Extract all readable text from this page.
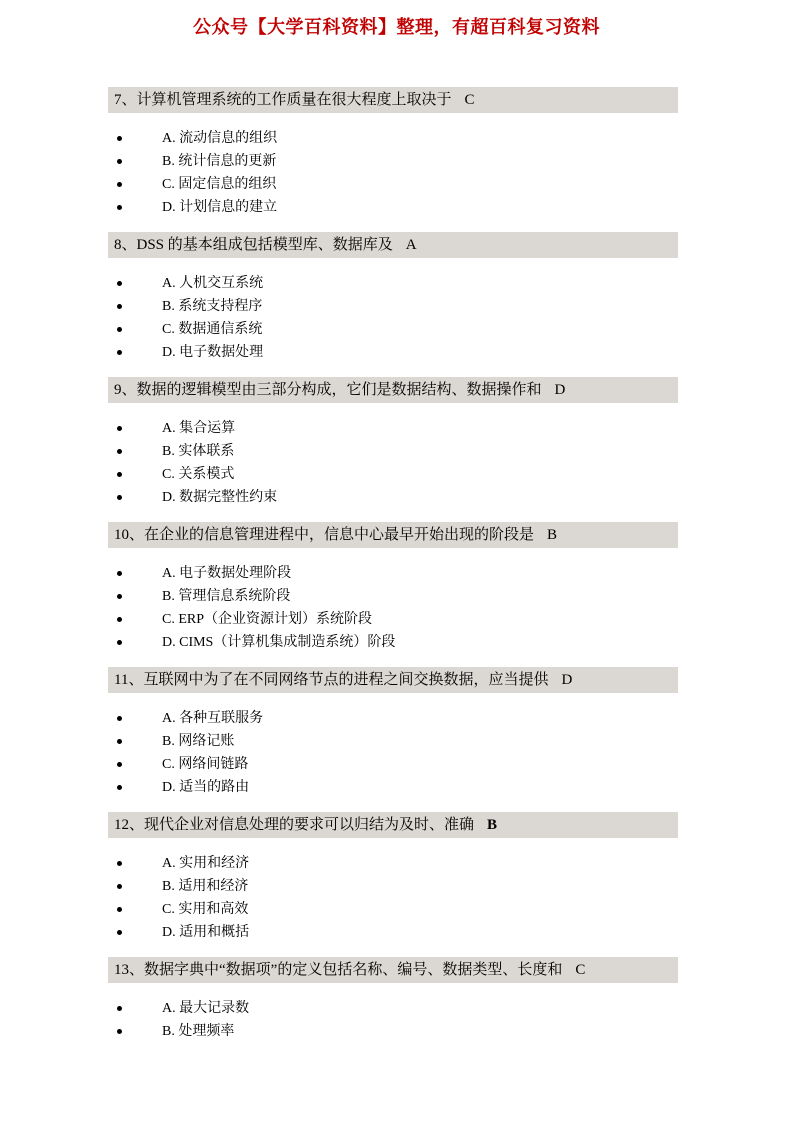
公众号【大学百科资料】整理，有超百科复习资料
7、计算机管理系统的工作质量在很大程度上取决于 C
A. 流动信息的组织
B. 统计信息的更新
C. 固定信息的组织
D. 计划信息的建立
8、DSS 的基本组成包括模型库、数据库及 A
A. 人机交互系统
B. 系统支持程序
C. 数据通信系统
D. 电子数据处理
9、数据的逻辑模型由三部分构成，它们是数据结构、数据操作和 D
A. 集合运算
B. 实体联系
C. 关系模式
D. 数据完整性约束
10、在企业的信息管理进程中，信息中心最早开始出现的阶段是 B
A. 电子数据处理阶段
B. 管理信息系统阶段
C. ERP（企业资源计划）系统阶段
D. CIMS（计算机集成制造系统）阶段
11、互联网中为了在不同网络节点的进程之间交换数据，应当提供 D
A. 各种互联服务
B. 网络记账
C. 网络间链路
D. 适当的路由
12、现代企业对信息处理的要求可以归结为及时、准确 B
A. 实用和经济
B. 适用和经济
C. 实用和高效
D. 适用和概括
13、数据字典中“数据项”的定义包括名称、编号、数据类型、长度和 C
A. 最大记录数
B. 处理频率
